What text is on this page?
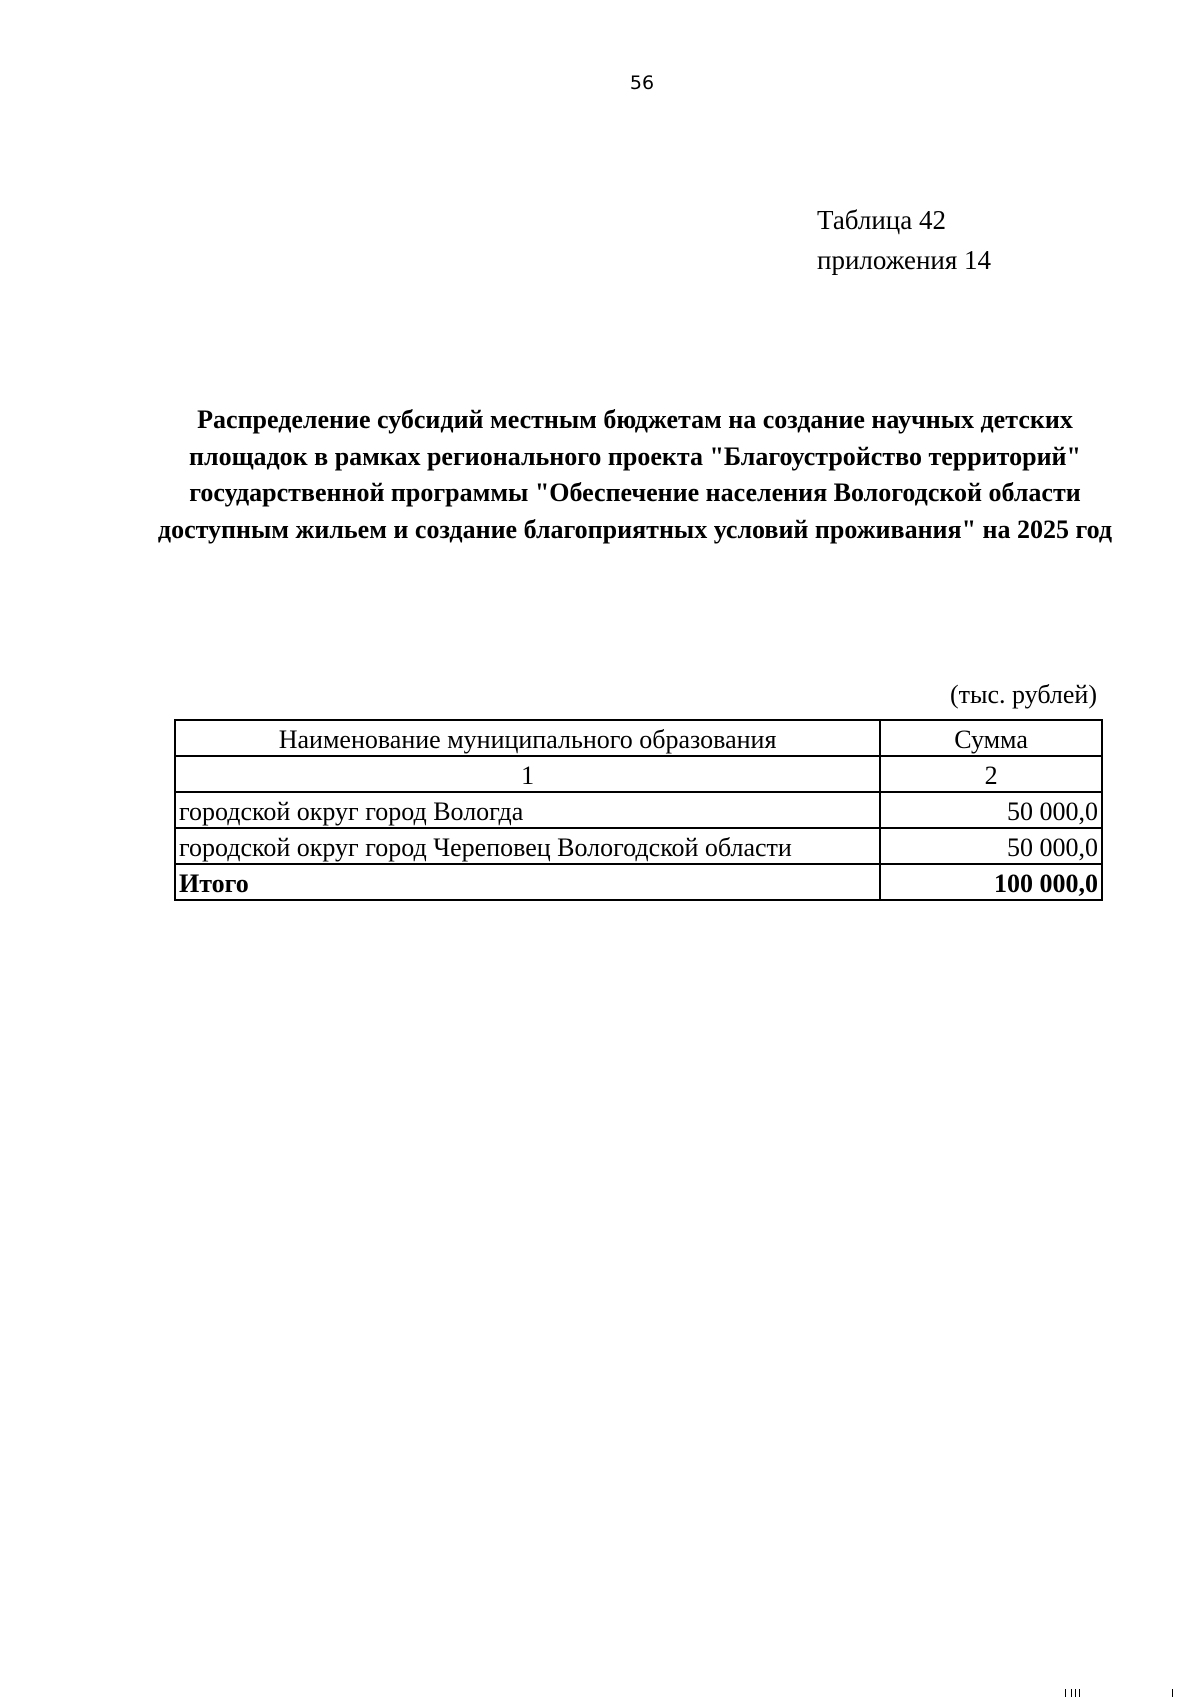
56
Таблица 42
приложения 14
Распределение субсидий местным бюджетам на создание научных детских площадок в рамках регионального проекта "Благоустройство территорий" государственной программы "Обеспечение населения Вологодской области доступным жильем и создание благоприятных условий проживания" на 2025 год
(тыс. рублей)
Наименование муниципального образования	Сумма
1	2
городской округ город Вологда	50 000,0
городской округ город Череповец Вологодской области	50 000,0
Итого	100 000,0
